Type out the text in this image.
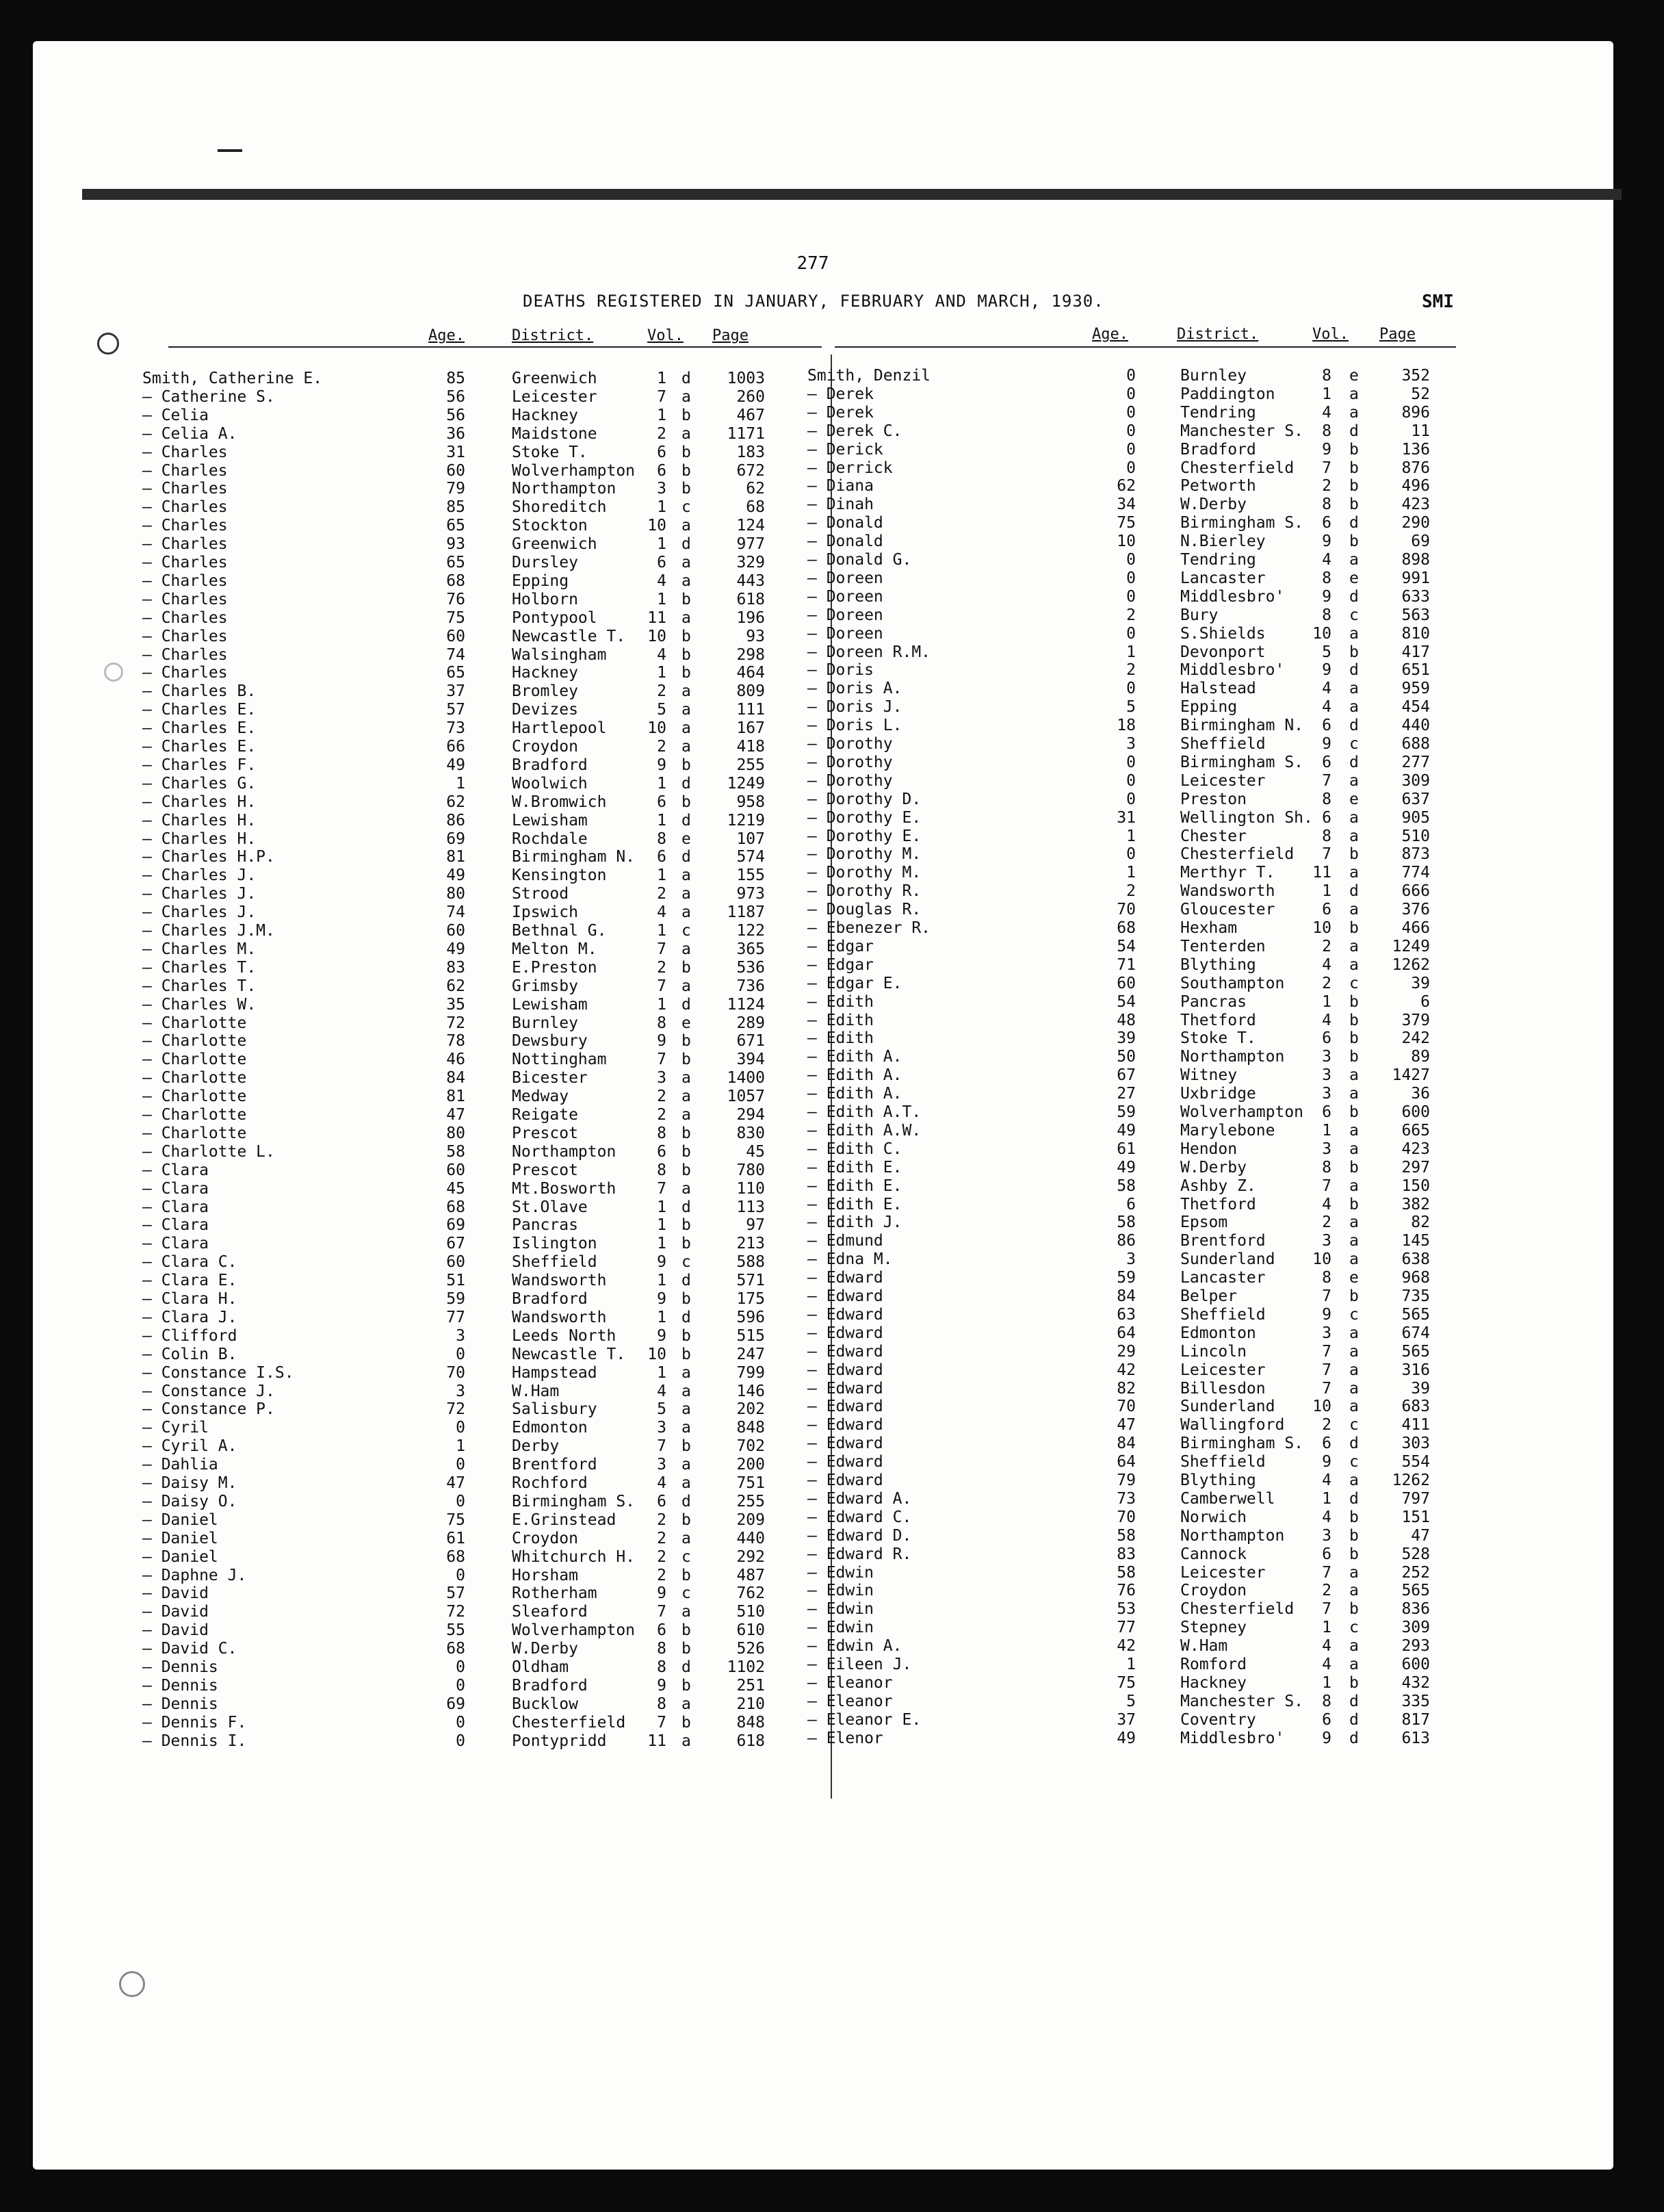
277
DEATHS REGISTERED IN JANUARY, FEBRUARY AND MARCH, 1930.	SMI
Age.	District.	Vol. Page	Age.	District.	Vol. Page
Smith, Catherine E.	85	Greenwich	1 d	1003
— Catherine S.	56	Leicester	7 a	260
— Celia	56	Hackney	1 b	467
— Celia A.	36	Maidstone	2 a	1171
— Charles	31	Stoke T.	6 b	183
— Charles	60	Wolverhampton	6 b	672
— Charles	79	Northampton	3 b	62
— Charles	85	Shoreditch	1 c	68
— Charles	65	Stockton	10 a	124
— Charles	93	Greenwich	1 d	977
— Charles	65	Dursley	6 a	329
— Charles	68	Epping	4 a	443
— Charles	76	Holborn	1 b	618
— Charles	75	Pontypool	11 a	196
— Charles	60	Newcastle T. 10 b	93
— Charles	74	Walsingham	4 b	298
— Charles	65	Hackney	1 b	464
— Charles B.	37	Bromley	2 a	809
— Charles E.	57	Devizes	5 a	111
— Charles E.	73	Hartlepool	10 a	167
— Charles E.	66	Croydon	2 a	418
— Charles F.	49	Bradford	9 b	255
— Charles G.	1	Woolwich	1 d	1249
— Charles H.	62	W.Bromwich	6 b	958
— Charles H.	86	Lewisham	1 d	1219
— Charles H.	69	Rochdale	8 e	107
— Charles H.P.	81	Birmingham N.	6 d	574
— Charles J.	49	Kensington	1 a	155
— Charles J.	80	Strood	2 a	973
— Charles J.	74	Ipswich	4 a	1187
— Charles J.M.	60	Bethnal G.	1 c	122
— Charles M.	49	Melton M.	7 a	365
— Charles T.	83	E.Preston	2 b	536
— Charles T.	62	Grimsby	7 a	736
— Charles W.	35	Lewisham	1 d	1124
— Charlotte	72	Burnley	8 e	289
— Charlotte	78	Dewsbury	9 b	671
— Charlotte	46	Nottingham	7 b	394
— Charlotte	84	Bicester	3 a	1400
— Charlotte	81	Medway	2 a	1057
— Charlotte	47	Reigate	2 a	294
— Charlotte	80	Prescot	8 b	830
— Charlotte L.	58	Northampton	6 b	45
— Clara	60	Prescot	8 b	780
— Clara	45	Mt.Bosworth	7 a	110
— Clara	68	St.Olave	1 d	113
— Clara	69	Pancras	1 b	97
— Clara	67	Islington	1 b	213
— Clara C.	60	Sheffield	9 c	588
— Clara E.	51	Wandsworth	1 d	571
— Clara H.	59	Bradford	9 b	175
— Clara J.	77	Wandsworth	1 d	596
— Clifford	3	Leeds North	9 b	515
— Colin B.	0	Newcastle T. 10 b	247
— Constance I.S.	70	Hampstead	1 a	799
— Constance J.	3	W.Ham	4 a	146
— Constance P.	72	Salisbury	5 a	202
— Cyril	0	Edmonton	3 a	848
— Cyril A.	1	Derby	7 b	702
— Dahlia	0	Brentford	3 a	200
— Daisy M.	47	Rochford	4 a	751
— Daisy O.	0	Birmingham S.	6 d	255
— Daniel	75	E.Grinstead	2 b	209
— Daniel	61	Croydon	2 a	440
— Daniel	68	Whitchurch H.	2 c	292
— Daphne J.	0	Horsham	2 b	487
— David	57	Rotherham	9 c	762
— David	72	Sleaford	7 a	510
— David	55	Wolverhampton	6 b	610
— David C.	68	W.Derby	8 b	526
— Dennis	0	Oldham	8 d	1102
— Dennis	0	Bradford	9 b	251
— Dennis	69	Bucklow	8 a	210
— Dennis F.	0	Chesterfield	7 b	848
— Dennis I.	0	Pontypridd	11 a	618
Smith, Denzil	0	Burnley	8 e	352
— Derek	0	Paddington	1 a	52
— Derek	0	Tendring	4 a	896
— Derek C.	0	Manchester S.	8 d	11
— Derick	0	Bradford	9 b	136
— Derrick	0	Chesterfield	7 b	876
— Diana	62	Petworth	2 b	496
— Dinah	34	W.Derby	8 b	423
— Donald	75	Birmingham S.	6 d	290
— Donald	10	N.Bierley	9 b	69
— Donald G.	0	Tendring	4 a	898
— Doreen	0	Lancaster	8 e	991
— Doreen	0	Middlesbro'	9 d	633
— Doreen	2	Bury	8 c	563
— Doreen	0	S.Shields	10 a	810
— Doreen R.M.	1	Devonport	5 b	417
— Doris	2	Middlesbro'	9 d	651
— Doris A.	0	Halstead	4 a	959
— Doris J.	5	Epping	4 a	454
— Doris L.	18	Birmingham N.	6 d	440
— Dorothy	3	Sheffield	9 c	688
— Dorothy	0	Birmingham S.	6 d	277
— Dorothy	0	Leicester	7 a	309
— Dorothy D.	0	Preston	8 e	637
— Dorothy E.	31	Wellington Sh. 6 a	905
— Dorothy E.	1	Chester	8 a	510
— Dorothy M.	0	Chesterfield	7 b	873
— Dorothy M.	1	Merthyr T. 11 a	774
— Dorothy R.	2	Wandsworth	1 d	666
— Douglas R.	70	Gloucester	6 a	376
— Ebenezer R.	68	Hexham	10 b	466
— Edgar	54	Tenterden	2 a	1249
— Edgar	71	Blything	4 a	1262
— Edgar E.	60	Southampton	2 c	39
— Edith	54	Pancras	1 b	6
— Edith	48	Thetford	4 b	379
— Edith	39	Stoke T.	6 b	242
— Edith A.	50	Northampton	3 b	89
— Edith A.	67	Witney	3 a	1427
— Edith A.	27	Uxbridge	3 a	36
— Edith A.T.	59	Wolverhampton	6 b	600
— Edith A.W.	49	Marylebone	1 a	665
— Edith C.	61	Hendon	3 a	423
— Edith E.	49	W.Derby	8 b	297
— Edith E.	58	Ashby Z.	7 a	150
— Edith E.	6	Thetford	4 b	382
— Edith J.	58	Epsom	2 a	82
— Edmund	86	Brentford	3 a	145
— Edna M.	3	Sunderland 10 a	638
— Edward	59	Lancaster	8 e	968
— Edward	84	Belper	7 b	735
— Edward	63	Sheffield	9 c	565
— Edward	64	Edmonton	3 a	674
— Edward	29	Lincoln	7 a	565
— Edward	42	Leicester	7 a	316
— Edward	82	Billesdon	7 a	39
— Edward	70	Sunderland 10 a	683
— Edward	47	Wallingford	2 c	411
— Edward	84	Birmingham S.	6 d	303
— Edward	64	Sheffield	9 c	554
— Edward	79	Blything	4 a	1262
— Edward A.	73	Camberwell	1 d	797
— Edward C.	70	Norwich	4 b	151
— Edward D.	58	Northampton	3 b	47
— Edward R.	83	Cannock	6 b	528
— Edwin	58	Leicester	7 a	252
— Edwin	76	Croydon	2 a	565
— Edwin	53	Chesterfield	7 b	836
— Edwin	77	Stepney	1 c	309
— Edwin A.	42	W.Ham	4 a	293
— Eileen J.	1	Romford	4 a	600
— Eleanor	75	Hackney	1 b	432
— Eleanor	5	Manchester S.	8 d	335
— Eleanor E.	37	Coventry	6 d	817
— Elenor	49	Middlesbro'	9 d	613
